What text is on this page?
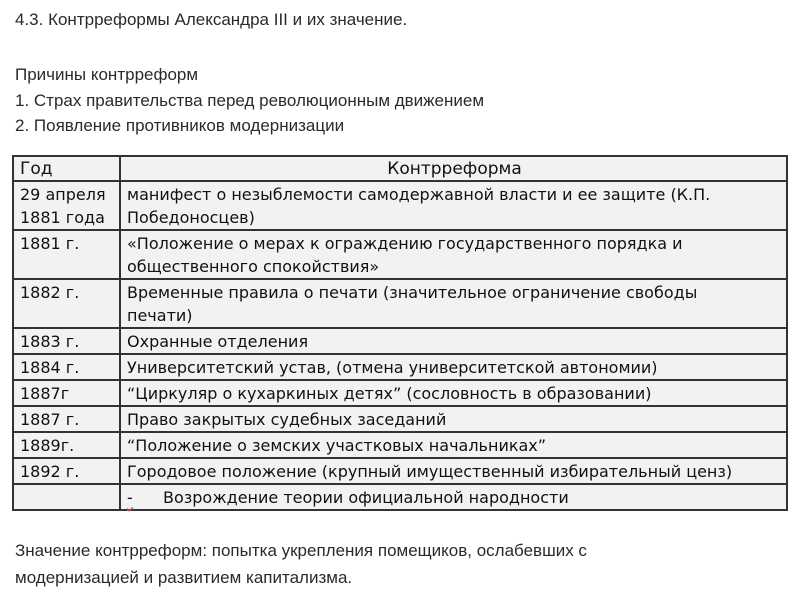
4.3. Контрреформы Александра III и их значение.
Причины контрреформ
1. Страх правительства перед революционным движением
2. Появление противников модернизации
Год	Контрреформа
29 апреля
1881 года	манифест о незыблемости самодержавной власти и ее защите (К.П.
Победоносцев)
1881 г.	«Положение о мерах к ограждению государственного порядка и
общественного спокойствия»
1882 г.	Временные правила о печати (значительное ограничение свободы
печати)
1883 г.	Охранные отделения
1884 г.	Университетский устав, (отмена университетской автономии)
1887г	“Циркуляр о кухаркиных детях” (сословность в образовании)
1887 г.	Право закрытых судебных заседаний
1889г.	“Положение о земских участковых начальниках”
1892 г.	Городовое положение (крупный имущественный избирательный ценз)
	- Возрождение теории официальной народности
Значение контрреформ: попытка укрепления помещиков, ослабевших с
модернизацией и развитием капитализма.
